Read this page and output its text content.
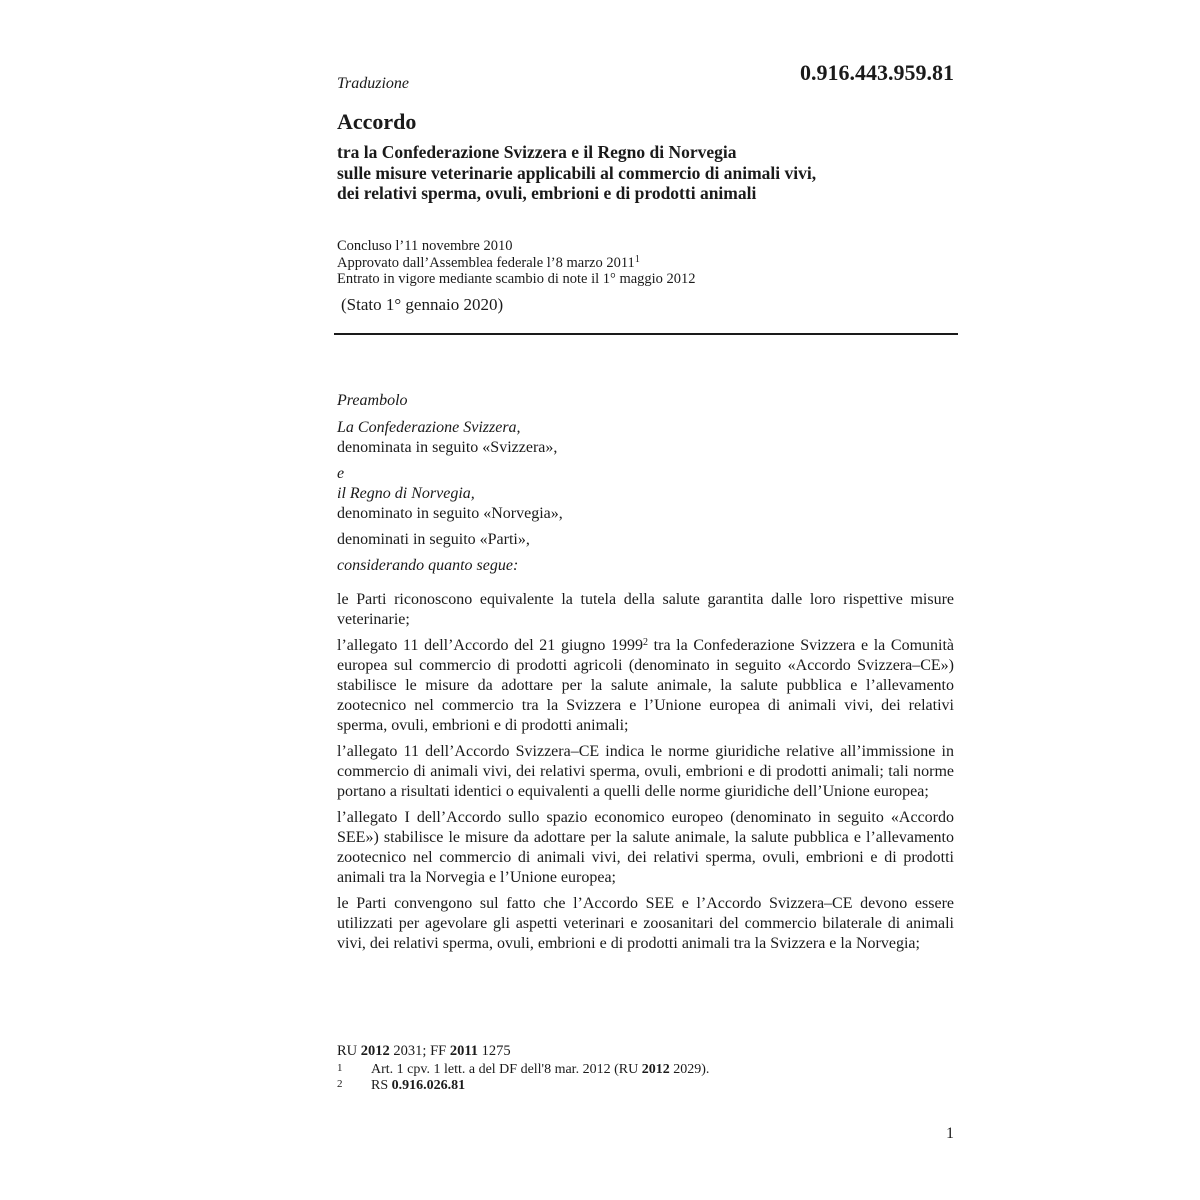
0.916.443.959.81
Traduzione
Accordo
tra la Confederazione Svizzera e il Regno di Norvegia
sulle misure veterinarie applicabili al commercio di animali vivi,
dei relativi sperma, ovuli, embrioni e di prodotti animali
Concluso l’11 novembre 2010
Approvato dall’Assemblea federale l’8 marzo 2011$^1$
Entrato in vigore mediante scambio di note il 1° maggio 2012
(Stato 1° gennaio 2020)

Preambolo

La Confederazione Svizzera,

denominata in seguito «Svizzera»,

e

il Regno di Norvegia,

denominato in seguito «Norvegia»,

denominati in seguito «Parti»,

considerando quanto segue:

le Parti riconoscono equivalente la tutela della salute garantita dalle loro rispettive misure veterinarie;

l’allegato 11 dell’Accordo del 21 giugno 1999$^2$ tra la Confederazione Svizzera e la Comunità europea sul commercio di prodotti agricoli (denominato in seguito «Accordo Svizzera–CE») stabilisce le misure da adottare per la salute animale, la salute pubblica e l’allevamento zootecnico nel commercio tra la Svizzera e l’Unione europea di animali vivi, dei relativi sperma, ovuli, embrioni e di prodotti animali;

l’allegato 11 dell’Accordo Svizzera–CE indica le norme giuridiche relative all’immissione in commercio di animali vivi, dei relativi sperma, ovuli, embrioni e di prodotti animali; tali norme portano a risultati identici o equivalenti a quelli delle norme giuridiche dell’Unione europea;

l’allegato I dell’Accordo sullo spazio economico europeo (denominato in seguito «Accordo SEE») stabilisce le misure da adottare per la salute animale, la salute pubblica e l’allevamento zootecnico nel commercio di animali vivi, dei relativi sperma, ovuli, embrioni e di prodotti animali tra la Norvegia e l’Unione europea;

le Parti convengono sul fatto che l’Accordo SEE e l’Accordo Svizzera–CE devono essere utilizzati per agevolare gli aspetti veterinari e zoosanitari del commercio bilaterale di animali vivi, dei relativi sperma, ovuli, embrioni e di prodotti animali tra la Svizzera e la Norvegia;

RU 2012 2031; FF 2011 1275
1	Art. 1 cpv. 1 lett. a del DF dell'8 mar. 2012 (RU 2012 2029).
2	RS 0.916.026.81
1
